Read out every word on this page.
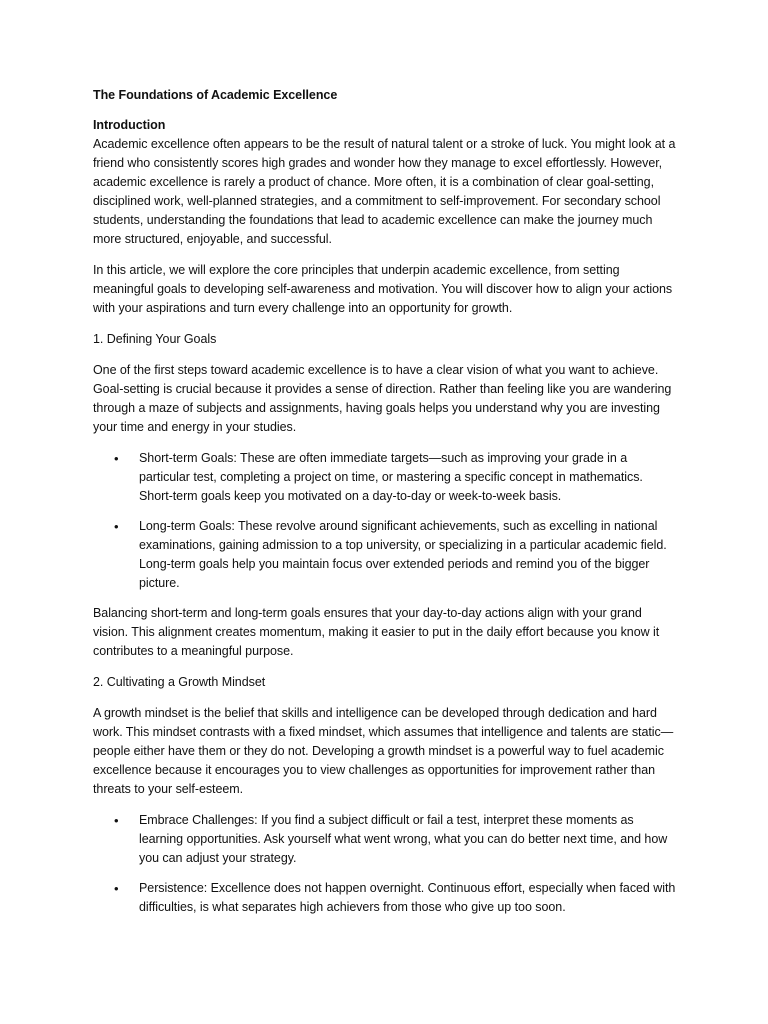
The Foundations of Academic Excellence
Introduction

Academic excellence often appears to be the result of natural talent or a stroke of luck. You might look at a friend who consistently scores high grades and wonder how they manage to excel effortlessly. However, academic excellence is rarely a product of chance. More often, it is a combination of clear goal-setting, disciplined work, well-planned strategies, and a commitment to self-improvement. For secondary school students, understanding the foundations that lead to academic excellence can make the journey much more structured, enjoyable, and successful.

In this article, we will explore the core principles that underpin academic excellence, from setting meaningful goals to developing self-awareness and motivation. You will discover how to align your actions with your aspirations and turn every challenge into an opportunity for growth.

1. Defining Your Goals

One of the first steps toward academic excellence is to have a clear vision of what you want to achieve. Goal-setting is crucial because it provides a sense of direction. Rather than feeling like you are wandering through a maze of subjects and assignments, having goals helps you understand why you are investing your time and energy in your studies.

•
Short-term Goals: These are often immediate targets—such as improving your grade in a particular test, completing a project on time, or mastering a specific concept in mathematics. Short-term goals keep you motivated on a day-to-day or week-to-week basis.
•
Long-term Goals: These revolve around significant achievements, such as excelling in national examinations, gaining admission to a top university, or specializing in a particular academic field. Long-term goals help you maintain focus over extended periods and remind you of the bigger picture.

Balancing short-term and long-term goals ensures that your day-to-day actions align with your grand vision. This alignment creates momentum, making it easier to put in the daily effort because you know it contributes to a meaningful purpose.

2. Cultivating a Growth Mindset

A growth mindset is the belief that skills and intelligence can be developed through dedication and hard work. This mindset contrasts with a fixed mindset, which assumes that intelligence and talents are static—people either have them or they do not. Developing a growth mindset is a powerful way to fuel academic excellence because it encourages you to view challenges as opportunities for improvement rather than threats to your self-esteem.

•
Embrace Challenges: If you find a subject difficult or fail a test, interpret these moments as learning opportunities. Ask yourself what went wrong, what you can do better next time, and how you can adjust your strategy.
•
Persistence: Excellence does not happen overnight. Continuous effort, especially when faced with difficulties, is what separates high achievers from those who give up too soon.
